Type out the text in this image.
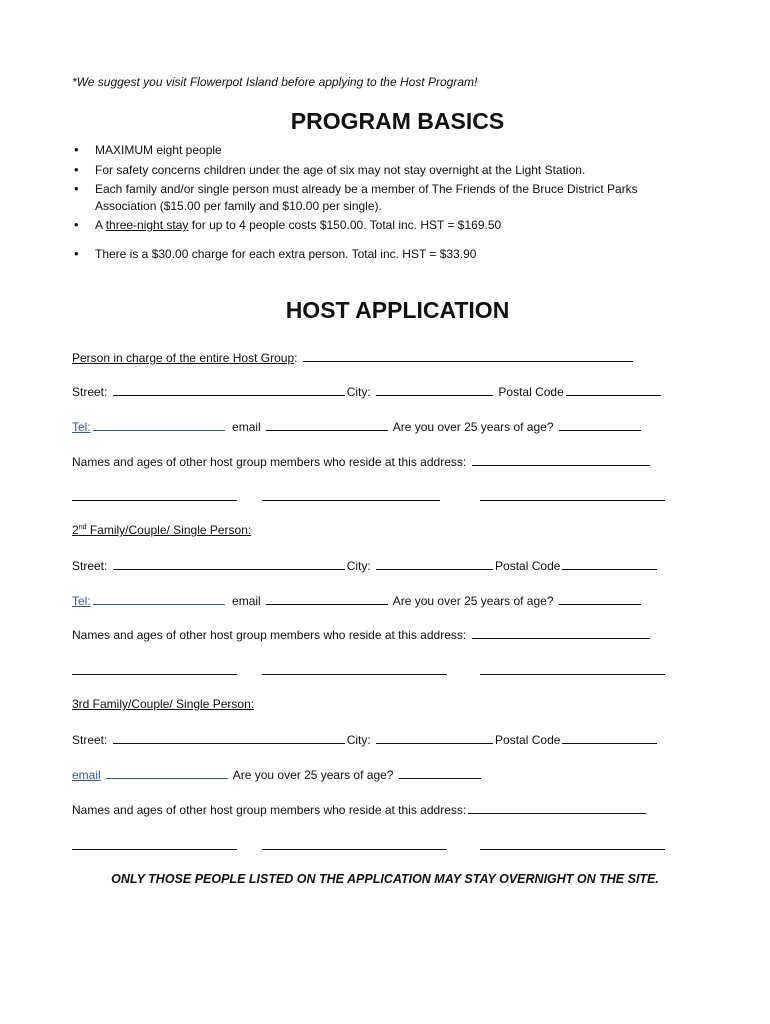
*We suggest you visit Flowerpot Island before applying to the Host Program!
PROGRAM BASICS
• MAXIMUM eight people
• For safety concerns children under the age of six may not stay overnight at the Light Station.
• Each family and/or single person must already be a member of The Friends of the Bruce District Parks Association ($15.00 per family and $10.00 per single).
• A three-night stay for up to 4 people costs $150.00. Total inc. HST = $169.50
• There is a $30.00 charge for each extra person. Total inc. HST = $33.90
HOST APPLICATION
Person in charge of the entire Host Group:
Street:	City:	Postal Code
Tel:	email	Are you over 25 years of age?
Names and ages of other host group members who reside at this address:
2nd Family/Couple/ Single Person:
Street:	City:	Postal Code
Tel:	email	Are you over 25 years of age?
Names and ages of other host group members who reside at this address:
3rd Family/Couple/ Single Person:
Street:	City:	Postal Code
email	Are you over 25 years of age?
Names and ages of other host group members who reside at this address:
ONLY THOSE PEOPLE LISTED ON THE APPLICATION MAY STAY OVERNIGHT ON THE SITE.
